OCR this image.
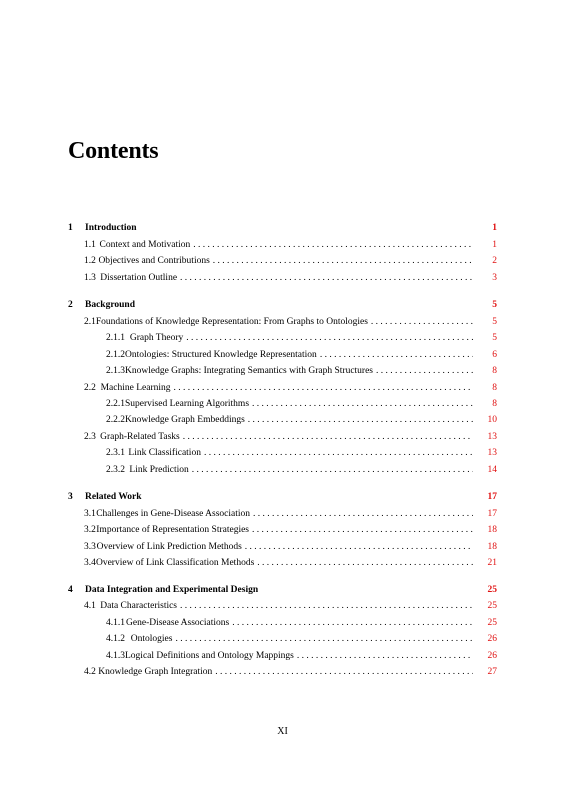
Contents
1	Introduction	1
1.1 Context and Motivation . . .	1
1.2 Objectives and Contributions . . .	2
1.3 Dissertation Outline . . .	3
2	Background	5
2.1 Foundations of Knowledge Representation: From Graphs to Ontologies . . .	5
2.1.1 Graph Theory . . .	5
2.1.2 Ontologies: Structured Knowledge Representation . . .	6
2.1.3 Knowledge Graphs: Integrating Semantics with Graph Structures . . .	8
2.2 Machine Learning . . .	8
2.2.1 Supervised Learning Algorithms . . .	8
2.2.2 Knowledge Graph Embeddings . . .	10
2.3 Graph-Related Tasks . . .	13
2.3.1 Link Classification . . .	13
2.3.2 Link Prediction . . .	14
3	Related Work	17
3.1 Challenges in Gene-Disease Association . . .	17
3.2 Importance of Representation Strategies . . .	18
3.3 Overview of Link Prediction Methods . . .	18
3.4 Overview of Link Classification Methods . . .	21
4	Data Integration and Experimental Design	25
4.1 Data Characteristics . . .	25
4.1.1 Gene-Disease Associations . . .	25
4.1.2 Ontologies . . .	26
4.1.3 Logical Definitions and Ontology Mappings . . .	26
4.2 Knowledge Graph Integration . . .	27
XI
